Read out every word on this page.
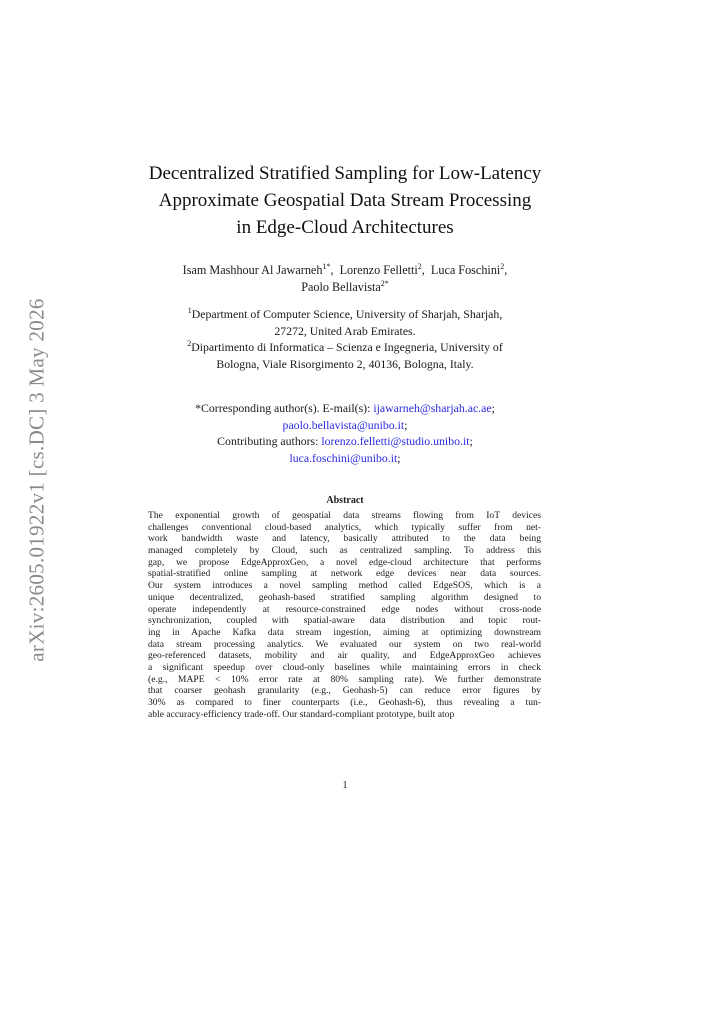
arXiv:2605.01922v1 [cs.DC] 3 May 2026
Decentralized Stratified Sampling for Low-Latency
Approximate Geospatial Data Stream Processing
in Edge-Cloud Architectures
Isam Mashhour Al Jawarneh$^{1*}$,  Lorenzo Felletti$^2$,  Luca Foschini$^2$,
Paolo Bellavista$^{2*}$
$^1$Department of Computer Science, University of Sharjah, Sharjah,
27272, United Arab Emirates.
$^2$Dipartimento di Informatica – Scienza e Ingegneria, University of
Bologna, Viale Risorgimento 2, 40136, Bologna, Italy.
*Corresponding author(s). E-mail(s): ijawarneh@sharjah.ac.ae;
paolo.bellavista@unibo.it;
Contributing authors: lorenzo.felletti@studio.unibo.it;
luca.foschini@unibo.it;
Abstract
The exponential growth of geospatial data streams flowing from IoT devices
challenges conventional cloud-based analytics, which typically suffer from net-
work bandwidth waste and latency, basically attributed to the data being
managed completely by Cloud, such as centralized sampling. To address this
gap, we propose EdgeApproxGeo, a novel edge-cloud architecture that performs
spatial-stratified online sampling at network edge devices near data sources.
Our system introduces a novel sampling method called EdgeSOS, which is a
unique decentralized, geohash-based stratified sampling algorithm designed to
operate independently at resource-constrained edge nodes without cross-node
synchronization, coupled with spatial-aware data distribution and topic rout-
ing in Apache Kafka data stream ingestion, aiming at optimizing downstream
data stream processing analytics. We evaluated our system on two real-world
geo-referenced datasets, mobility and air quality, and EdgeApproxGeo achieves
a significant speedup over cloud-only baselines while maintaining errors in check
(e.g., MAPE < 10% error rate at 80% sampling rate). We further demonstrate
that coarser geohash granularity (e.g., Geohash-5) can reduce error figures by
30% as compared to finer counterparts (i.e., Geohash-6), thus revealing a tun-
able accuracy-efficiency trade-off. Our standard-compliant prototype, built atop
1
